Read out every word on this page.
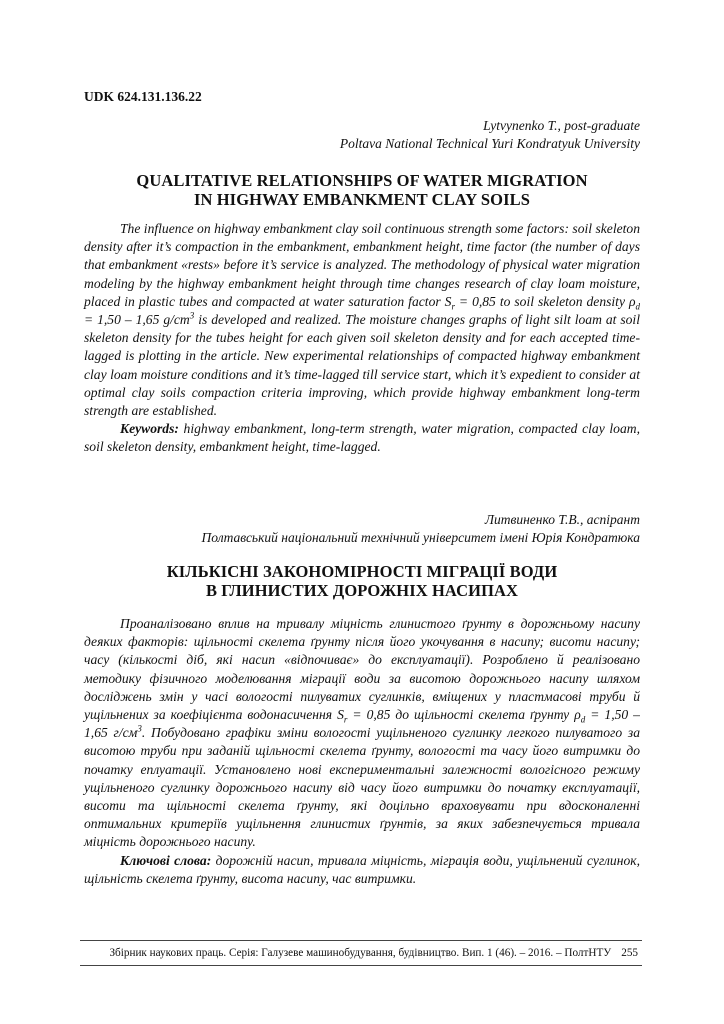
UDK 624.131.136.22
Lytvynenko T., post-graduate
Poltava National Technical Yuri Kondratyuk University
QUALITATIVE RELATIONSHIPS OF WATER MIGRATION
IN HIGHWAY EMBANKMENT CLAY SOILS

The influence on highway embankment clay soil continuous strength some factors: soil skeleton density after it’s compaction in the embankment, embankment height, time factor (the number of days that embankment «rests» before it’s service is analyzed. The methodology of physical water migration modeling by the highway embankment height through time changes research of clay loam moisture, placed in plastic tubes and compacted at water saturation factor $S_r = 0,85$ to soil skeleton density $\rho_d = 1,50 - 1,65$ $g/cm^3$ is developed and realized. The moisture changes graphs of light silt loam at soil skeleton density for the tubes height for each given soil skeleton density and for each accepted time-lagged is plotting in the article. New experimental relationships of compacted highway embankment clay loam moisture conditions and it’s time-lagged till service start, which it’s expedient to consider at optimal clay soils compaction criteria improving, which provide highway embankment long-term strength are established.

Keywords: highway embankment, long-term strength, water migration, compacted clay loam, soil skeleton density, embankment height, time-lagged.

Литвиненко Т.В., аспірант
Полтавський національний технічний університет імені Юрія Кондратюка
КІЛЬКІСНІ ЗАКОНОМІРНОСТІ МІГРАЦІЇ ВОДИ
В ГЛИНИСТИХ ДОРОЖНІХ НАСИПАХ

Проаналізовано вплив на тривалу міцність глинистого ґрунту в дорожньому насипу деяких факторів: щільності скелета ґрунту після його укочування в насипу; висоти насипу; часу (кількості діб, які насип «відпочиває» до експлуатації). Розроблено й реалізовано методику фізичного моделювання міграції води за висотою дорожнього насипу шляхом досліджень змін у часі вологості пилуватих суглинків, вміщених у пластмасові труби й ущільнених за коефіцієнта водонасичення $S_r = 0,85$ до щільності скелета ґрунту $\rho_d = 1,50 - 1,65$ $г/см^3$. Побудовано графіки зміни вологості ущільненого суглинку легкого пилуватого за висотою труби при заданій щільності скелета ґрунту, вологості та часу його витримки до початку еплуатації. Установлено нові експериментальні залежності вологісного режиму ущільненого суглинку дорожнього насипу від часу його витримки до початку експлуатації, висоти та щільності скелета ґрунту, які доцільно враховувати при вдосконаленні оптимальних критеріїв ущільнення глинистих ґрунтів, за яких забезпечується тривала міцність дорожнього насипу.

Ключові слова: дорожній насип, тривала міцність, міграція води, ущільнений суглинок, щільність скелета ґрунту, висота насипу, час витримки.

Збірник наукових праць. Серія: Галузеве машинобудування, будівництво. Вип. 1 (46). – 2016. – ПолтНТУ 255
